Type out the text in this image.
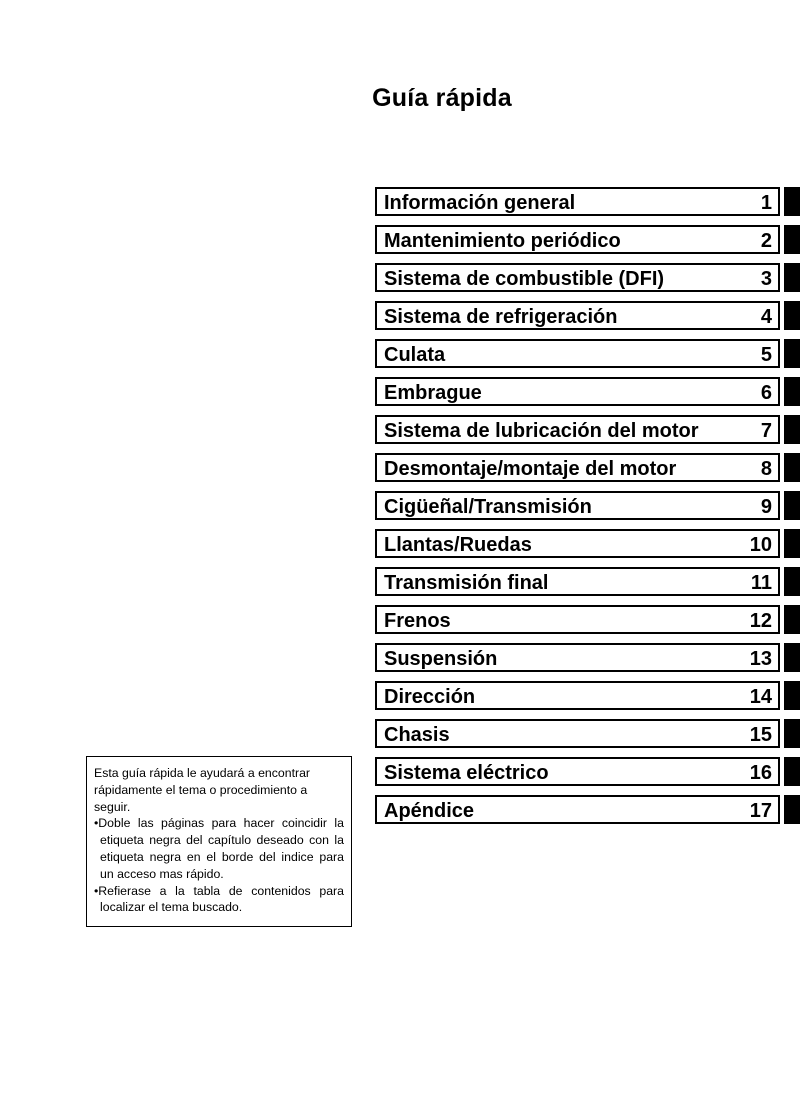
Guía rápida
Información general	1
Mantenimiento periódico	2
Sistema de combustible (DFI)	3
Sistema de refrigeración	4
Culata	5
Embrague	6
Sistema de lubricación del motor	7
Desmontaje/montaje del motor	8
Cigüeñal/Transmisión	9
Llantas/Ruedas	10
Transmisión final	11
Frenos	12
Suspensión	13
Dirección	14
Chasis	15
Sistema eléctrico	16
Apéndice	17

Esta guía rápida le ayudará a encontrar rápidamente el tema o procedimiento a seguir.

•Doble las páginas para hacer coincidir la etiqueta negra del capítulo deseado con la etiqueta negra en el borde del indice para un acceso mas rápido.

•Refierase a la tabla de contenidos para localizar el tema buscado.
